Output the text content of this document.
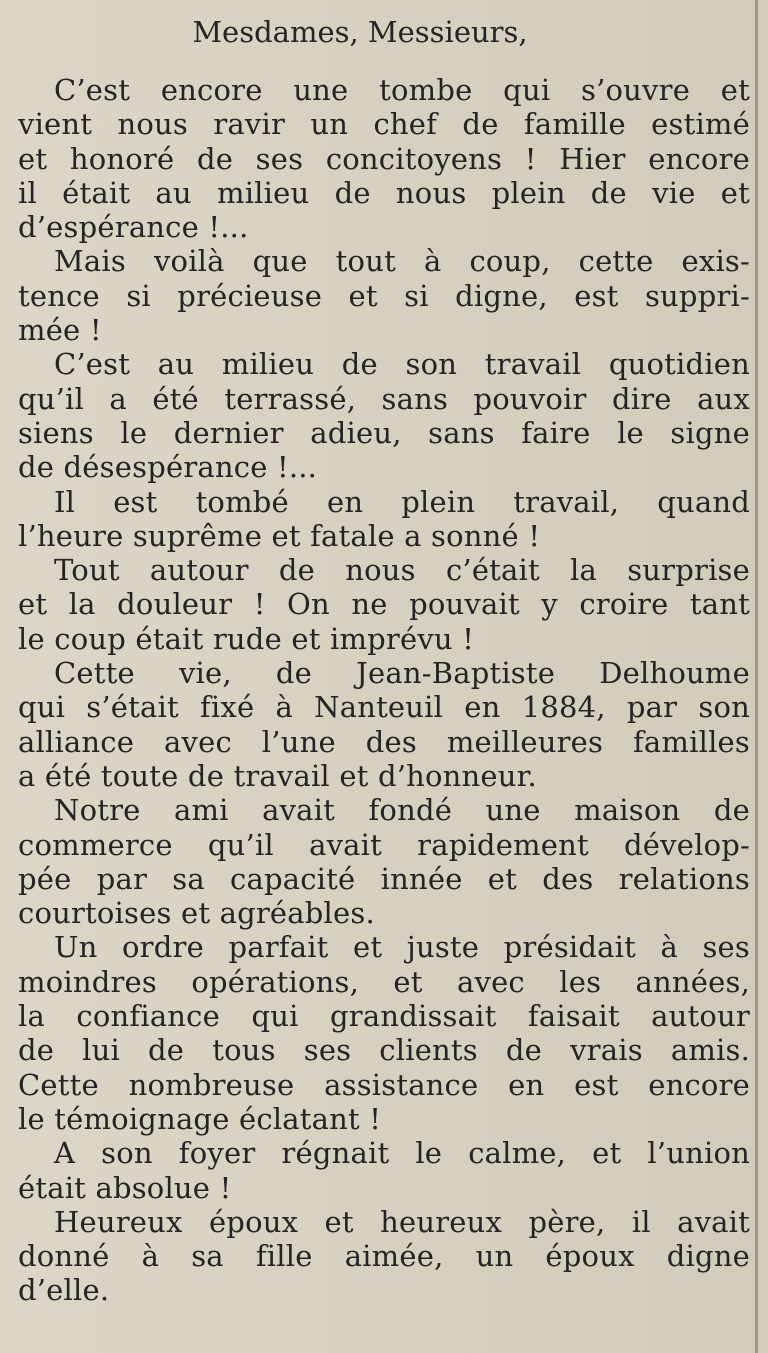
Mesdames, Messieurs,
C’est encore une tombe qui s’ouvre et
vient nous ravir un chef de famille estimé
et honoré de ses concitoyens ! Hier encore
il était au milieu de nous plein de vie et
d’espérance !...
Mais voilà que tout à coup, cette exis-
tence si précieuse et si digne, est suppri-
mée !
C’est au milieu de son travail quotidien
qu’il a été terrassé, sans pouvoir dire aux
siens le dernier adieu, sans faire le signe
de désespérance !...
Il est tombé en plein travail, quand
l’heure suprême et fatale a sonné !
Tout autour de nous c’était la surprise
et la douleur ! On ne pouvait y croire tant
le coup était rude et imprévu !
Cette vie, de Jean-Baptiste Delhoume
qui s’était fixé à Nanteuil en 1884, par son
alliance avec l’une des meilleures familles
a été toute de travail et d’honneur.
Notre ami avait fondé une maison de
commerce qu’il avait rapidement dévelop-
pée par sa capacité innée et des relations
courtoises et agréables.
Un ordre parfait et juste présidait à ses
moindres opérations, et avec les années,
la confiance qui grandissait faisait autour
de lui de tous ses clients de vrais amis.
Cette nombreuse assistance en est encore
le témoignage éclatant !
A son foyer régnait le calme, et l’union
était absolue !
Heureux époux et heureux père, il avait
donné à sa fille aimée, un époux digne
d’elle.
